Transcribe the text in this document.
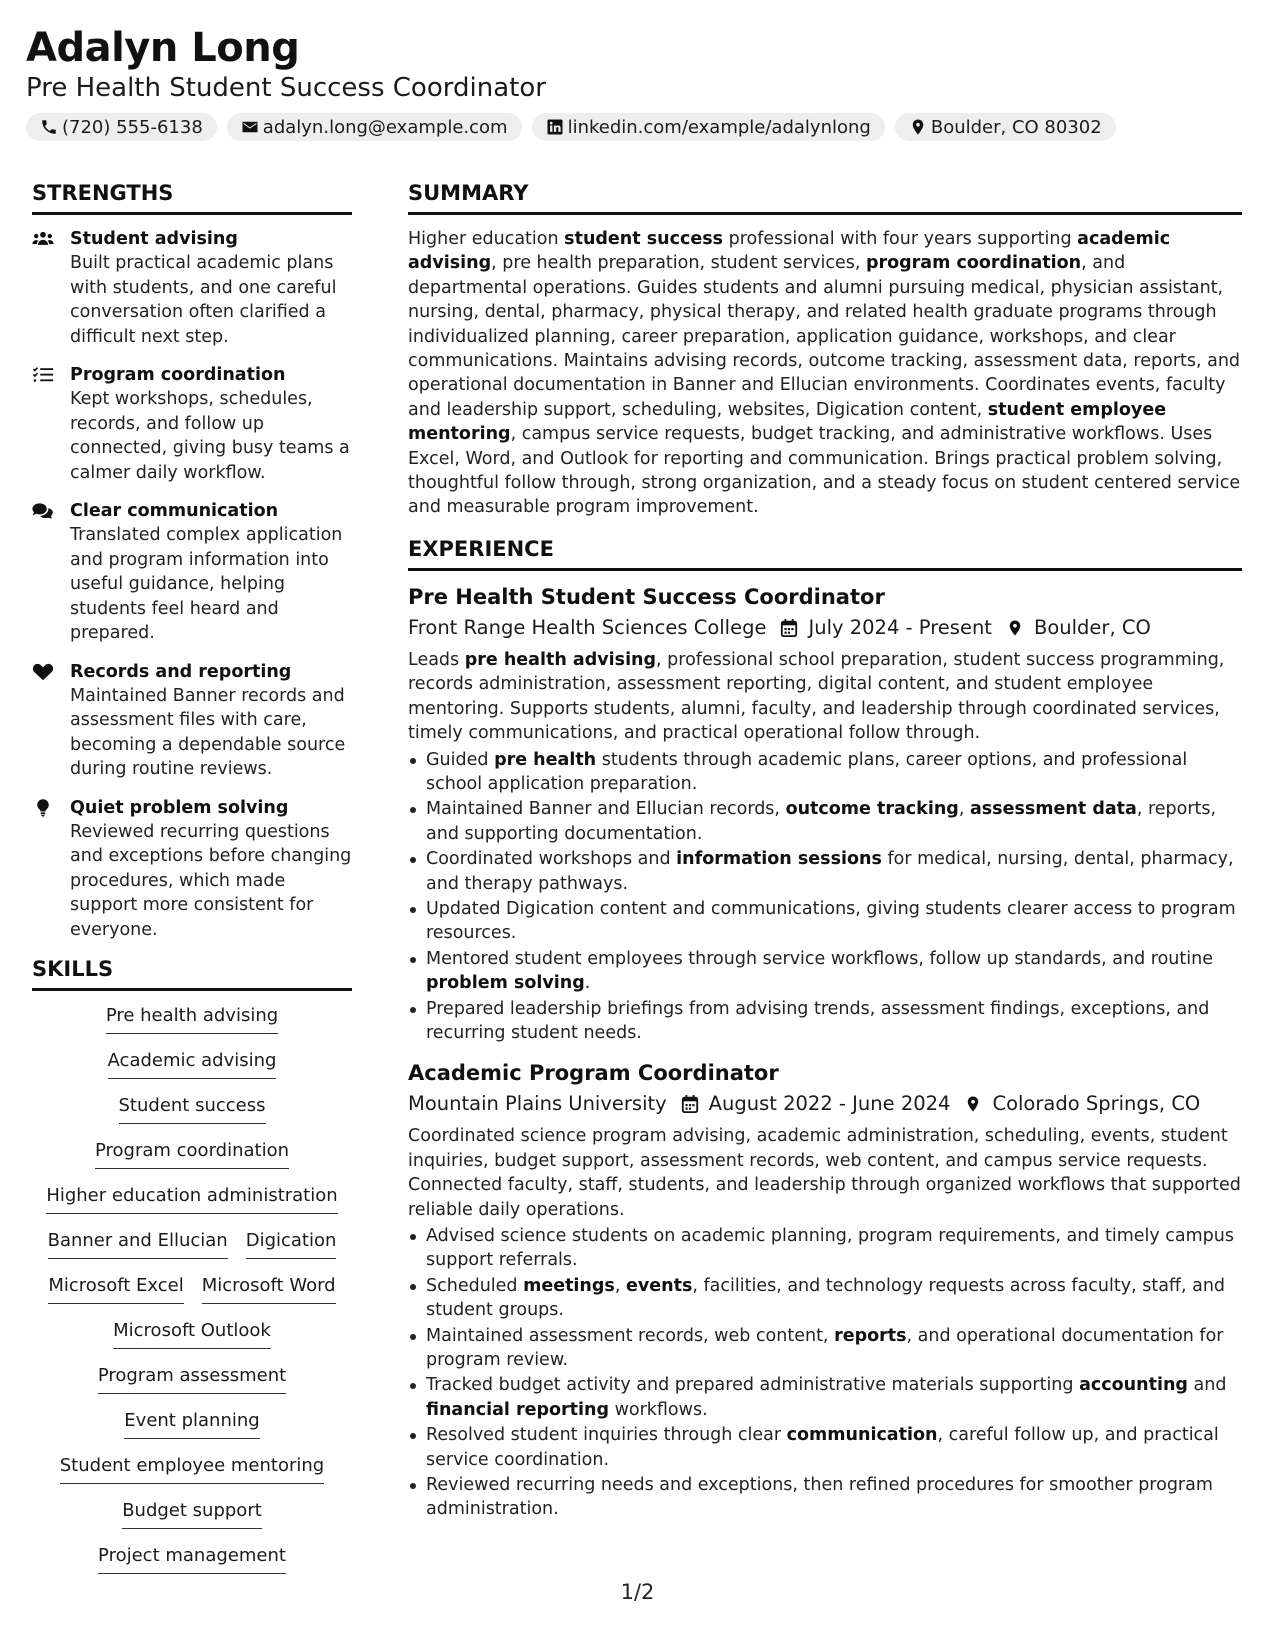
Adalyn Long
Pre Health Student Success Coordinator
(720) 555-6138	adalyn.long@example.com	linkedin.com/example/adalynlong	Boulder, CO 80302
STRENGTHS
Student advising
Built practical academic plans with students, and one careful conversation often clarified a difficult next step.
Program coordination
Kept workshops, schedules, records, and follow up connected, giving busy teams a calmer daily workflow.
Clear communication
Translated complex application and program information into useful guidance, helping students feel heard and prepared.
Records and reporting
Maintained Banner records and assessment files with care, becoming a dependable source during routine reviews.
Quiet problem solving
Reviewed recurring questions and exceptions before changing procedures, which made support more consistent for everyone.
SKILLS
Pre health advising
Academic advising
Student success
Program coordination
Higher education administration
Banner and Ellucian Digication
Microsoft Excel Microsoft Word
Microsoft Outlook
Program assessment
Event planning
Student employee mentoring
Budget support
Project management
SUMMARY

Higher education student success professional with four years supporting academic advising, pre health preparation, student services, program coordination, and departmental operations. Guides students and alumni pursuing medical, physician assistant, nursing, dental, pharmacy, physical therapy, and related health graduate programs through individualized planning, career preparation, application guidance, workshops, and clear communications. Maintains advising records, outcome tracking, assessment data, reports, and operational documentation in Banner and Ellucian environments. Coordinates events, faculty and leadership support, scheduling, websites, Digication content, student employee mentoring, campus service requests, budget tracking, and administrative workflows. Uses Excel, Word, and Outlook for reporting and communication. Brings practical problem solving, thoughtful follow through, strong organization, and a steady focus on student centered service and measurable program improvement.

EXPERIENCE
Pre Health Student Success Coordinator
Front Range Health Sciences College July 2024 - Present Boulder, CO

Leads pre health advising, professional school preparation, student success programming, records administration, assessment reporting, digital content, and student employee mentoring. Supports students, alumni, faculty, and leadership through coordinated services, timely communications, and practical operational follow through.

Guided pre health students through academic plans, career options, and professional school application preparation.
Maintained Banner and Ellucian records, outcome tracking, assessment data, reports, and supporting documentation.
Coordinated workshops and information sessions for medical, nursing, dental, pharmacy, and therapy pathways.
Updated Digication content and communications, giving students clearer access to program resources.
Mentored student employees through service workflows, follow up standards, and routine problem solving.
Prepared leadership briefings from advising trends, assessment findings, exceptions, and recurring student needs.
Academic Program Coordinator
Mountain Plains University August 2022 - June 2024 Colorado Springs, CO

Coordinated science program advising, academic administration, scheduling, events, student inquiries, budget support, assessment records, web content, and campus service requests. Connected faculty, staff, students, and leadership through organized workflows that supported reliable daily operations.

Advised science students on academic planning, program requirements, and timely campus support referrals.
Scheduled meetings, events, facilities, and technology requests across faculty, staff, and student groups.
Maintained assessment records, web content, reports, and operational documentation for program review.
Tracked budget activity and prepared administrative materials supporting accounting and financial reporting workflows.
Resolved student inquiries through clear communication, careful follow up, and practical service coordination.
Reviewed recurring needs and exceptions, then refined procedures for smoother program administration.
1/2
